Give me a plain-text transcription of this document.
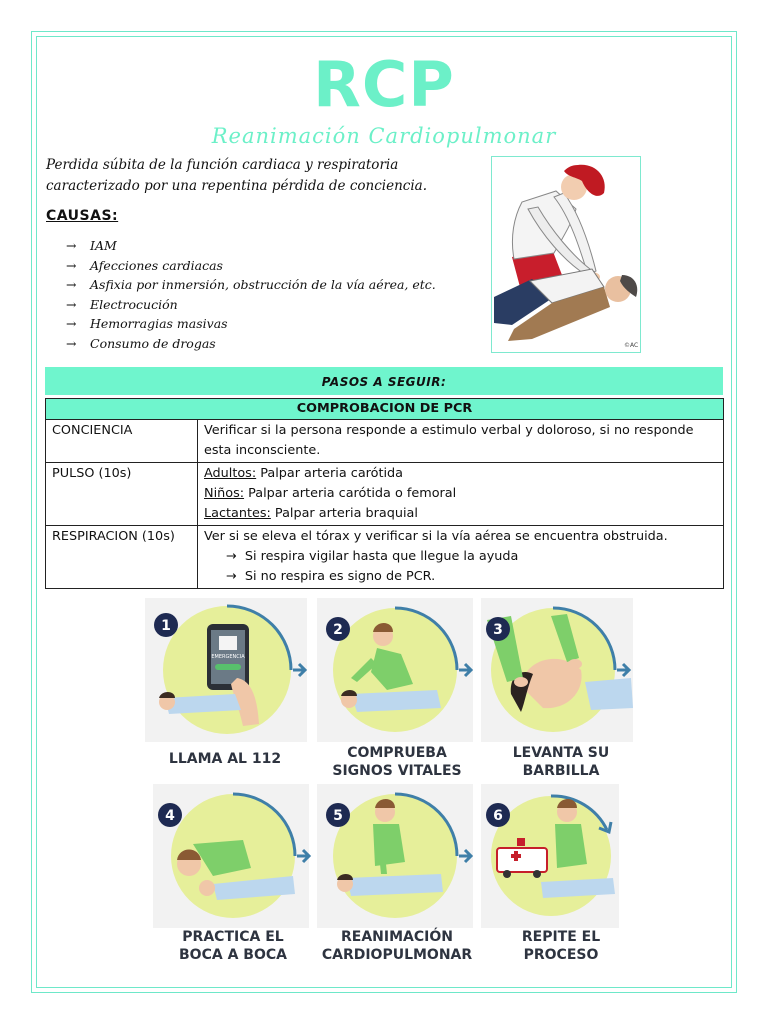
RCP
Reanimación Cardiopulmonar
Perdida súbita de la función cardiaca y respiratoria
caracterizado por una repentina pérdida de conciencia.
CAUSAS:
→ IAM
→ Afecciones cardiacas
→ Asfixia por inmersión, obstrucción de la vía aérea, etc.
→ Electrocución
→ Hemorragias masivas
→ Consumo de drogas	©AC
PASOS A SEGUIR:
COMPROBACION DE PCR	
CONCIENCIA	Verificar si la persona responde a estimulo verbal y doloroso, si no responde esta inconsciente.
PULSO (10s)	Adultos: Palpar arteria carótida
Niños: Palpar arteria carótida o femoral
Lactantes: Palpar arteria braquial

RESPIRACION (10s)	Ver si se eleva el tórax y verificar si la vía aérea se encuentra obstruida.
→ Si respira vigilar hasta que llegue la ayuda
→ Si no respira es signo de PCR.
EMERGENCIA
LLAMA AL 112
1
COMPRUEBA
SIGNOS VITALES
2
LEVANTA SU
BARBILLA
3
PRACTICA EL
BOCA A BOCA
4
REANIMACIÓN
CARDIOPULMONAR
5
REPITE EL
PROCESO
6
